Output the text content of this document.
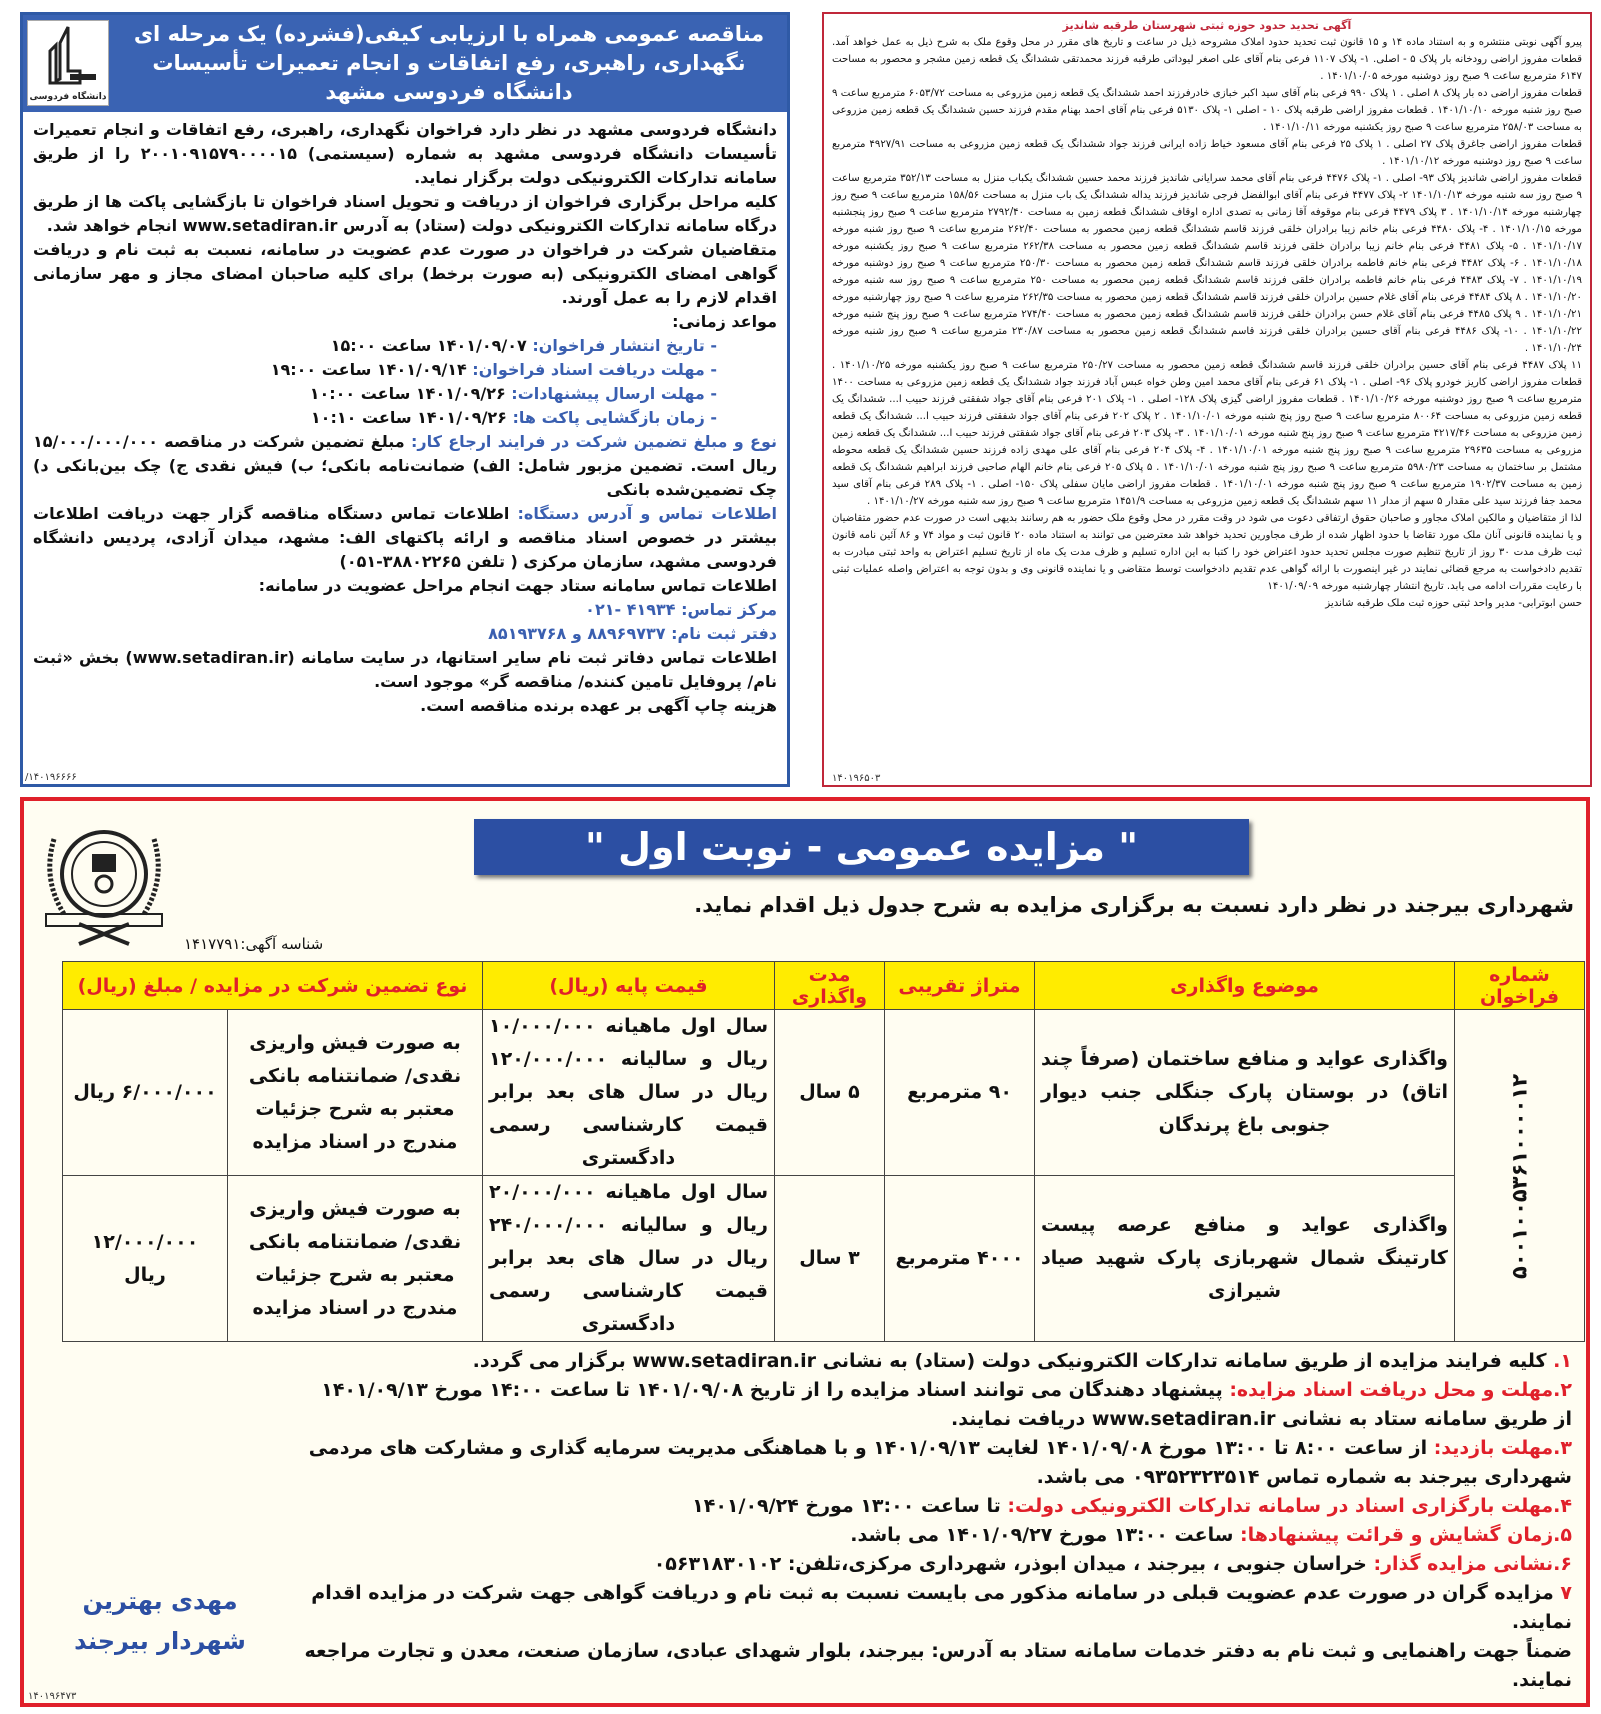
مناقصه عمومی همراه با ارزیابی کیفی(فشرده) یک مرحله ای
نگهداری، راهبری، رفع اتفاقات و انجام تعمیرات تأسیسات دانشگاه فردوسی مشهد
دانشگاه فردوسی
دانشگاه فردوسی مشهد در نظر دارد فراخوان نگهداری، راهبری، رفع اتفاقات و انجام تعمیرات تأسیسات دانشگاه فردوسی مشهد به شماره (سیستمی) ۲۰۰۱۰۹۱۵۷۹۰۰۰۰۱۵ را از طریق سامانه تدارکات الکترونیکی دولت برگزار نماید.
کلیه مراحل برگزاری فراخوان از دریافت و تحویل اسناد فراخوان تا بازگشایی پاکت ها از طریق درگاه سامانه تدارکات الکترونیکی دولت (ستاد) به آدرس www.setadiran.ir انجام خواهد شد.
متقاضیان شرکت در فراخوان در صورت عدم عضویت در سامانه، نسبت به ثبت نام و دریافت گواهی امضای الکترونیکی (به صورت برخط) برای کلیه صاحبان امضای مجاز و مهر سازمانی اقدام لازم را به عمل آورند.
مواعد زمانی:
- تاریخ انتشار فراخوان: ۱۴۰۱/۰۹/۰۷ ساعت ۱۵:۰۰
- مهلت دریافت اسناد فراخوان: ۱۴۰۱/۰۹/۱۴ ساعت ۱۹:۰۰
- مهلت ارسال پیشنهادات: ۱۴۰۱/۰۹/۲۶ ساعت ۱۰:۰۰
- زمان بازگشایی پاکت ها: ۱۴۰۱/۰۹/۲۶ ساعت ۱۰:۱۰
نوع و مبلغ تضمین شرکت در فرایند ارجاع کار: مبلغ تضمین شرکت در مناقصه ۱۵/۰۰۰/۰۰۰/۰۰۰ ریال است. تضمین مزبور شامل: الف) ضمانت‌نامه بانکی؛ ب) فیش نقدی ج) چک بین‌بانکی د) چک تضمین‌شده بانکی
اطلاعات تماس و آدرس دستگاه: اطلاعات تماس دستگاه مناقصه گزار جهت دریافت اطلاعات بیشتر در خصوص اسناد مناقصه و ارائه پاکتهای الف: مشهد، میدان آزادی، پردیس دانشگاه فردوسی مشهد، سازمان مرکزی ( تلفن ۳۸۸۰۲۲۶۵-۰۵۱)
اطلاعات تماس سامانه ستاد جهت انجام مراحل عضویت در سامانه:
مرکز تماس: ۴۱۹۳۴ -۰۲۱
دفتر ثبت نام: ۸۸۹۶۹۷۳۷ و ۸۵۱۹۳۷۶۸
اطلاعات تماس دفاتر ثبت نام سایر استانها، در سایت سامانه (www.setadiran.ir) بخش «ثبت نام/ پروفایل تامین کننده/ مناقصه گر» موجود است.
هزینه چاپ آگهی بر عهده برنده مناقصه است.
/۱۴۰۱۹۶۶۶۶
آگهی تحدید حدود حوزه ثبتی شهرستان طرقبه شاندیز

پیرو آگهی نوبتی منتشره و به استناد ماده ۱۴ و ۱۵ قانون ثبت تحدید حدود املاک مشروحه ذیل در ساعت و تاریخ های مقرر در محل وقوع ملک به شرح ذیل به عمل خواهد آمد. قطعات مفروز اراضی رودخانه بار پلاک ۵ - اصلی. ۱- پلاک ۱۱۰۷ فرعی بنام آقای علی اصغر لیوداتی طرقبه فرزند محمدتقی ششدانگ یک قطعه زمین مشجر و محصور به مساحت ۶۱۴۷ مترمربع ساعت ۹ صبح روز دوشنبه مورخه ۱۴۰۱/۱۰/۰۵ .

قطعات مفروز اراضی ده بار پلاک ۸ اصلی . ۱ پلاک ۹۹۰ فرعی بنام آقای سید اکبر خبازی خادرفرزند احمد ششدانگ یک قطعه زمین مزروعی به مساحت ۶۰۵۳/۷۲ مترمربع ساعت ۹ صبح روز شنبه مورخه ۱۴۰۱/۱۰/۱۰ . قطعات مفروز اراضی طرقبه پلاک ۱۰ - اصلی ۱- پلاک ۵۱۳۰ فرعی بنام آقای احمد بهنام مقدم فرزند حسین ششدانگ یک قطعه زمین مزروعی به مساحت ۲۵۸/۰۳ مترمربع ساعت ۹ صبح روز یکشنبه مورخه ۱۴۰۱/۱۰/۱۱ .

قطعات مفروز اراضی جاغرق پلاک ۲۷ اصلی . ۱ پلاک ۲۵ فرعی بنام آقای مسعود خیاط زاده ایرانی فرزند جواد ششدانگ یک قطعه زمین مزروعی به مساحت ۴۹۲۷/۹۱ مترمربع ساعت ۹ صبح روز دوشنبه مورخه ۱۴۰۱/۱۰/۱۲ .

قطعات مفروز اراضی شاندیز پلاک ۹۳- اصلی . ۱- پلاک ۴۴۷۶ فرعی بنام آقای محمد سرایانی شاندیز فرزند محمد حسین ششدانگ یکباب منزل به مساحت ۳۵۲/۱۳ مترمربع ساعت ۹ صبح روز سه شنبه مورخه ۱۴۰۱/۱۰/۱۳ ۲- پلاک ۴۴۷۷ فرعی بنام آقای ابوالفضل فرجی شاندیز فرزند یداله ششدانگ یک باب منزل به مساحت ۱۵۸/۵۶ مترمربع ساعت ۹ صبح روز چهارشنبه مورخه ۱۴۰۱/۱۰/۱۴ . ۳ پلاک ۴۴۷۹ فرعی بنام موقوفه آقا زمانی به تصدی اداره اوقاف ششدانگ قطعه زمین به مساحت ۲۷۹۲/۴۰ مترمربع ساعت ۹ صبح روز پنجشنبه مورخه ۱۴۰۱/۱۰/۱۵ . ۴- پلاک ۴۴۸۰ فرعی بنام خانم زیبا برادران خلقی فرزند قاسم ششدانگ قطعه زمین محصور به مساحت ۲۶۲/۴۰ مترمربع ساعت ۹ صبح روز شنبه مورخه ۱۴۰۱/۱۰/۱۷ . ۵- پلاک ۴۴۸۱ فرعی بنام خانم زیبا برادران خلقی فرزند قاسم ششدانگ قطعه زمین محصور به مساحت ۲۶۲/۳۸ مترمربع ساعت ۹ صبح روز یکشنبه مورخه ۱۴۰۱/۱۰/۱۸ . ۶- پلاک ۴۴۸۲ فرعی بنام خانم فاطمه برادران خلقی فرزند قاسم ششدانگ قطعه زمین محصور به مساحت ۲۵۰/۳۰ مترمربع ساعت ۹ صبح روز دوشنبه مورخه ۱۴۰۱/۱۰/۱۹ . ۷- پلاک ۴۴۸۳ فرعی بنام خانم فاطمه برادران خلقی فرزند قاسم ششدانگ قطعه زمین محصور به مساحت ۲۵۰ مترمربع ساعت ۹ صبح روز سه شنبه مورخه ۱۴۰۱/۱۰/۲۰ . ۸ پلاک ۴۴۸۴ فرعی بنام آقای غلام حسین برادران خلقی فرزند قاسم ششدانگ قطعه زمین محصور به مساحت ۲۶۲/۳۵ مترمربع ساعت ۹ صبح روز چهارشنبه مورخه ۱۴۰۱/۱۰/۲۱ . ۹ پلاک ۴۴۸۵ فرعی بنام آقای غلام حسن برادران خلقی فرزند قاسم ششدانگ قطعه زمین محصور به مساحت ۲۷۴/۴۰ مترمربع ساعت ۹ صبح روز پنج شنبه مورخه ۱۴۰۱/۱۰/۲۲ . ۱۰- پلاک ۴۴۸۶ فرعی بنام آقای حسین برادران خلقی فرزند قاسم ششدانگ قطعه زمین محصور به مساحت ۲۳۰/۸۷ مترمربع ساعت ۹ صبح روز شنبه مورخه ۱۴۰۱/۱۰/۲۴ .

۱۱ پلاک ۴۴۸۷ فرعی بنام آقای حسین برادران خلقی فرزند قاسم ششدانگ قطعه زمین محصور به مساحت ۲۵۰/۲۷ مترمربع ساعت ۹ صبح روز یکشنبه مورخه ۱۴۰۱/۱۰/۲۵ . قطعات مفروز اراضی کاریز خودرو پلاک ۹۶- اصلی . ۱- پلاک ۶۱ فرعی بنام آقای محمد امین وطن خواه عبس آباد فرزند جواد ششدانگ یک قطعه زمین مزروعی به مساحت ۱۴۰۰ مترمربع ساعت ۹ صبح روز دوشنبه مورخه ۱۴۰۱/۱۰/۲۶ . قطعات مفروز اراضی گیزی پلاک ۱۲۸- اصلی . ۱- پلاک ۲۰۱ فرعی بنام آقای جواد شفقتی فرزند حبیب ا... ششدانگ یک قطعه زمین مزروعی به مساحت ۸۰۰۶۴ مترمربع ساعت ۹ صبح روز پنج شنبه مورخه ۱۴۰۱/۱۰/۰۱ . ۲ پلاک ۲۰۲ فرعی بنام آقای جواد شفقتی فرزند حبیب ا... ششدانگ یک قطعه زمین مزروعی به مساحت ۴۲۱۷/۴۶ مترمربع ساعت ۹ صبح روز پنج شنبه مورخه ۱۴۰۱/۱۰/۰۱ . ۳- پلاک ۲۰۳ فرعی بنام آقای جواد شفقتی فرزند حبیب ا... ششدانگ یک قطعه زمین مزروعی به مساحت ۲۹۶۳۵ مترمربع ساعت ۹ صبح روز پنج شنبه مورخه ۱۴۰۱/۱۰/۰۱ . ۴- پلاک ۲۰۴ فرعی بنام آقای علی مهدی زاده فرزند حسین ششدانگ یک قطعه محوطه مشتمل بر ساختمان به مساحت ۵۹۸۰/۲۳ مترمربع ساعت ۹ صبح روز پنج شنبه مورخه ۱۴۰۱/۱۰/۰۱ . ۵ پلاک ۲۰۵ فرعی بنام خانم الهام صاحبی فرزند ابراهیم ششدانگ یک قطعه زمین به مساحت ۱۹۰۲/۳۷ مترمربع ساعت ۹ صبح روز پنج شنبه مورخه ۱۴۰۱/۱۰/۰۱ . قطعات مفروز اراضی مایان سفلی پلاک ۱۵۰- اصلی . ۱- پلاک ۲۸۹ فرعی بنام آقای سید محمد جفا فرزند سید علی مقدار ۵ سهم از مدار ۱۱ سهم ششدانگ یک قطعه زمین مزروعی به مساحت ۱۴۵۱/۹ مترمربع ساعت ۹ صبح روز سه شنبه مورخه ۱۴۰۱/۱۰/۲۷ .

لذا از متقاضیان و مالکین املاک مجاور و صاحبان حقوق ارتفاقی دعوت می شود در وقت مقرر در محل وقوع ملک حضور به هم رسانند بدیهی است در صورت عدم حضور متقاضیان و یا نماینده قانونی آنان ملک مورد تقاضا با حدود اظهار شده از طرف مجاورین تحدید خواهد شد معترضین می توانند به استناد ماده ۲۰ قانون ثبت و مواد ۷۴ و ۸۶ آئین نامه قانون ثبت ظرف مدت ۳۰ روز از تاریخ تنظیم صورت مجلس تحدید حدود اعتراض خود را کتبا به این اداره تسلیم و ظرف مدت یک ماه از تاریخ تسلیم اعتراض به واحد ثبتی مبادرت به تقدیم دادخواست به مرجع قضائی نمایند در غیر اینصورت با ارائه گواهی عدم تقدیم دادخواست توسط متقاضی و یا نماینده قانونی وی و بدون توجه به اعتراض واصله عملیات ثبتی با رعایت مقررات ادامه می یابد. تاریخ انتشار چهارشنبه مورخه ۱۴۰۱/۰۹/۰۹

حسن ابوترابی- مدیر واحد ثبتی حوزه ثبت ملک طرقبه شاندیز

۱۴۰۱۹۶۵۰۳
" مزایده عمومی - نوبت اول "
شهرداری بیرجند در نظر دارد نسبت به برگزاری مزایده به شرح جدول ذیل اقدام نماید.
شناسه آگهی:۱۴۱۷۷۹۱
شماره فراخوان	موضوع واگذاری	متراژ تقریبی	مدت واگذاری	قیمت پایه (ریال)	نوع تضمین شرکت در مزایده / مبلغ (ریال)	
۵۰۰۱۰۰۵۳۶۱۰۰۰۰۱۲	واگذاری عواید و منافع ساختمان (صرفاً چند اتاق) در بوستان پارک جنگلی جنب دیوار جنوبی باغ پرندگان	۹۰ مترمربع	۵ سال	سال اول ماهیانه ۱۰/۰۰۰/۰۰۰ ریال و سالیانه ۱۲۰/۰۰۰/۰۰۰ ریال در سال های بعد برابر قیمت کارشناسی رسمی دادگستری	به صورت فیش واریزی نقدی/ ضمانتنامه بانکی معتبر به شرح جزئیات مندرج در اسناد مزایده	۶/۰۰۰/۰۰۰ ریال
	واگذاری عواید و منافع عرصه پیست کارتینگ شمال شهربازی پارک شهید صیاد شیرازی	۴۰۰۰ مترمربع	۳ سال	سال اول ماهیانه ۲۰/۰۰۰/۰۰۰ ریال و سالیانه ۲۴۰/۰۰۰/۰۰۰ ریال در سال های بعد برابر قیمت کارشناسی رسمی دادگستری	به صورت فیش واریزی نقدی/ ضمانتنامه بانکی معتبر به شرح جزئیات مندرج در اسناد مزایده	۱۲/۰۰۰/۰۰۰ ریال
۱. کلیه فرایند مزایده از طریق سامانه تدارکات الکترونیکی دولت (ستاد) به نشانی www.setadiran.ir برگزار می گردد.
۲.مهلت و محل دریافت اسناد مزایده: پیشنهاد دهندگان می توانند اسناد مزایده را از تاریخ ۱۴۰۱/۰۹/۰۸ تا ساعت ۱۴:۰۰ مورخ ۱۴۰۱/۰۹/۱۳ از طریق سامانه ستاد به نشانی www.setadiran.ir دریافت نمایند.
۳.مهلت بازدید: از ساعت ۸:۰۰ تا ۱۳:۰۰ مورخ ۱۴۰۱/۰۹/۰۸ لغایت ۱۴۰۱/۰۹/۱۳ و با هماهنگی مدیریت سرمایه گذاری و مشارکت های مردمی شهرداری بیرجند به شماره تماس ۰۹۳۵۲۳۲۳۵۱۴ می باشد.
۴.مهلت بارگزاری اسناد در سامانه تدارکات الکترونیکی دولت: تا ساعت ۱۳:۰۰ مورخ ۱۴۰۱/۰۹/۲۴
۵.زمان گشایش و قرائت پیشنهادها: ساعت ۱۳:۰۰ مورخ ۱۴۰۱/۰۹/۲۷ می باشد.
۶.نشانی مزایده گذار: خراسان جنوبی ، بیرجند ، میدان ابوذر، شهرداری مرکزی،تلفن: ۰۵۶۳۱۸۳۰۱۰۲
۷ مزایده گران در صورت عدم عضویت قبلی در سامانه مذکور می بایست نسبت به ثبت نام و دریافت گواهی جهت شرکت در مزایده اقدام نمایند.
ضمناً جهت راهنمایی و ثبت نام به دفتر خدمات سامانه ستاد به آدرس: بیرجند، بلوار شهدای عبادی، سازمان صنعت، معدن و تجارت مراجعه نمایند.
مهدی بهترین
شهردار بیرجند
۱۴۰۱۹۶۴۷۳
